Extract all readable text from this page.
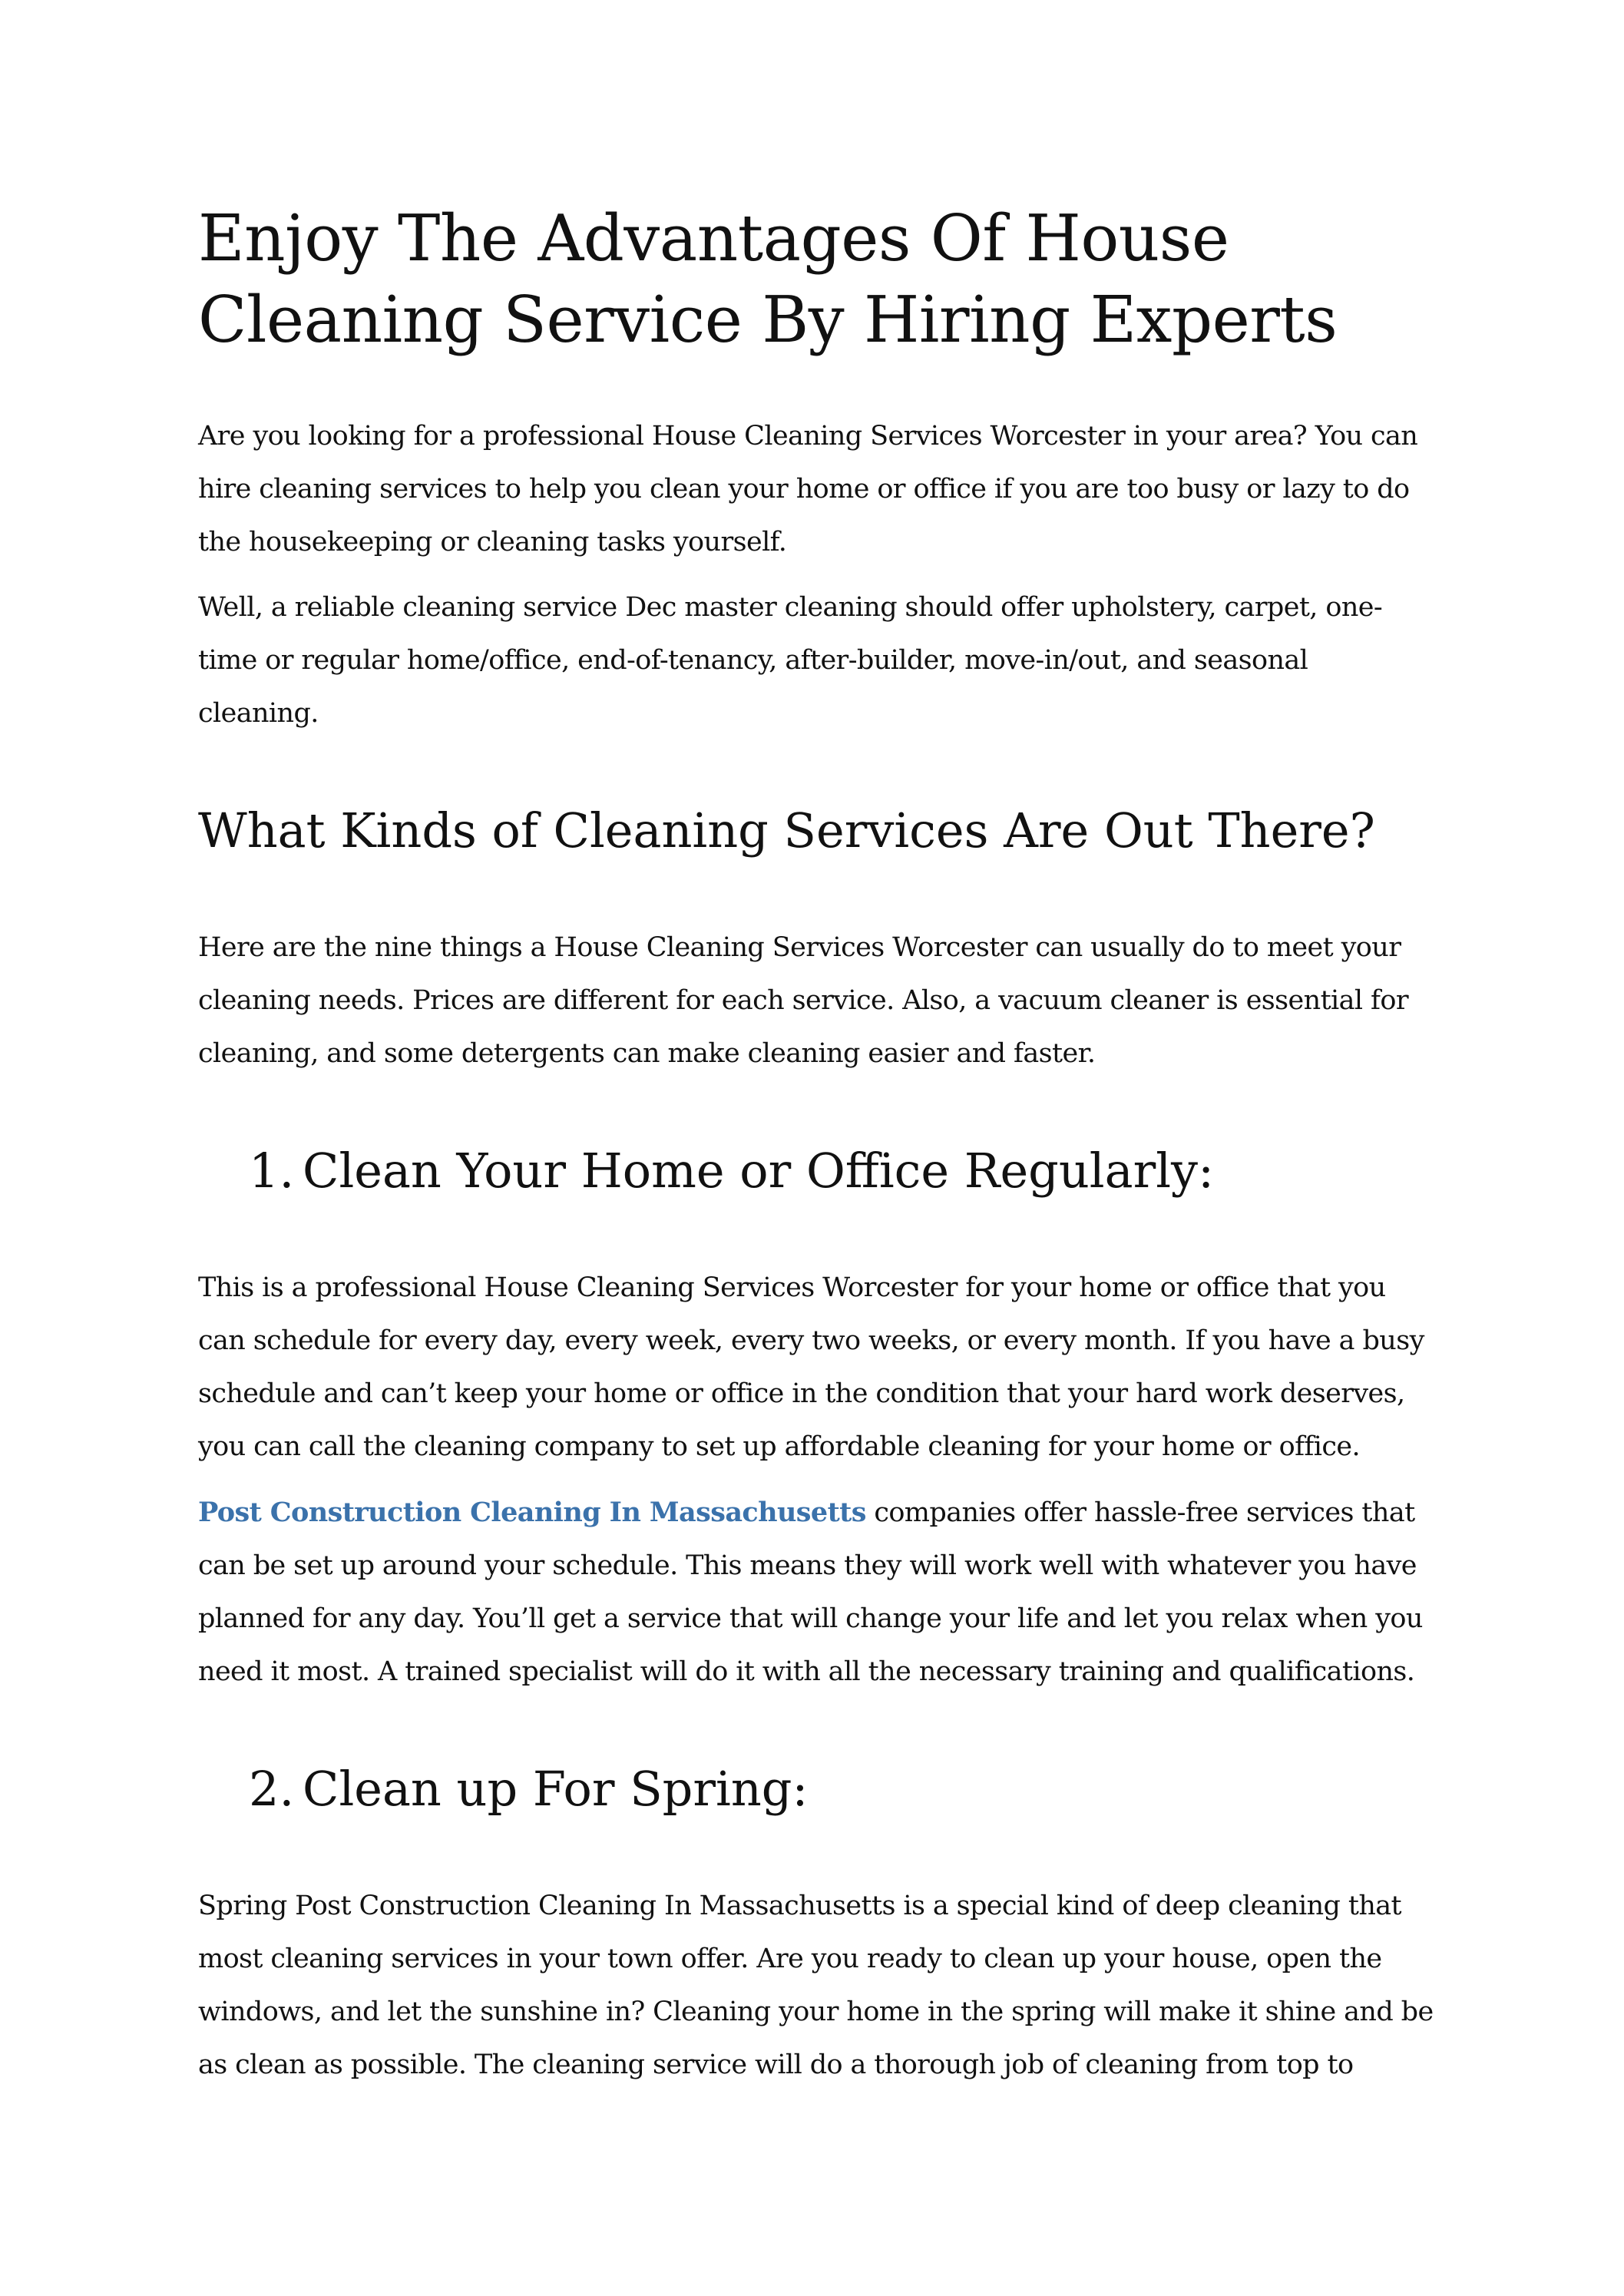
Enjoy The Advantages Of House Cleaning Service By Hiring Experts

Are you looking for a professional House Cleaning Services Worcester in your area? You can hire cleaning services to help you clean your home or office if you are too busy or lazy to do the housekeeping or cleaning tasks yourself.

Well, a reliable cleaning service Dec master cleaning should offer upholstery, carpet, one-time or regular home/office, end-of-tenancy, after-builder, move-in/out, and seasonal cleaning.

What Kinds of Cleaning Services Are Out There?

Here are the nine things a House Cleaning Services Worcester can usually do to meet your cleaning needs. Prices are different for each service. Also, a vacuum cleaner is essential for cleaning, and some detergents can make cleaning easier and faster.

1. Clean Your Home or Office Regularly:

This is a professional House Cleaning Services Worcester for your home or office that you can schedule for every day, every week, every two weeks, or every month. If you have a busy schedule and can’t keep your home or office in the condition that your hard work deserves, you can call the cleaning company to set up affordable cleaning for your home or office.

Post Construction Cleaning In Massachusetts companies offer hassle-free services that can be set up around your schedule. This means they will work well with whatever you have planned for any day. You’ll get a service that will change your life and let you relax when you need it most. A trained specialist will do it with all the necessary training and qualifications.

2. Clean up For Spring:

Spring Post Construction Cleaning In Massachusetts is a special kind of deep cleaning that most cleaning services in your town offer. Are you ready to clean up your house, open the windows, and let the sunshine in? Cleaning your home in the spring will make it shine and be as clean as possible. The cleaning service will do a thorough job of cleaning from top to
